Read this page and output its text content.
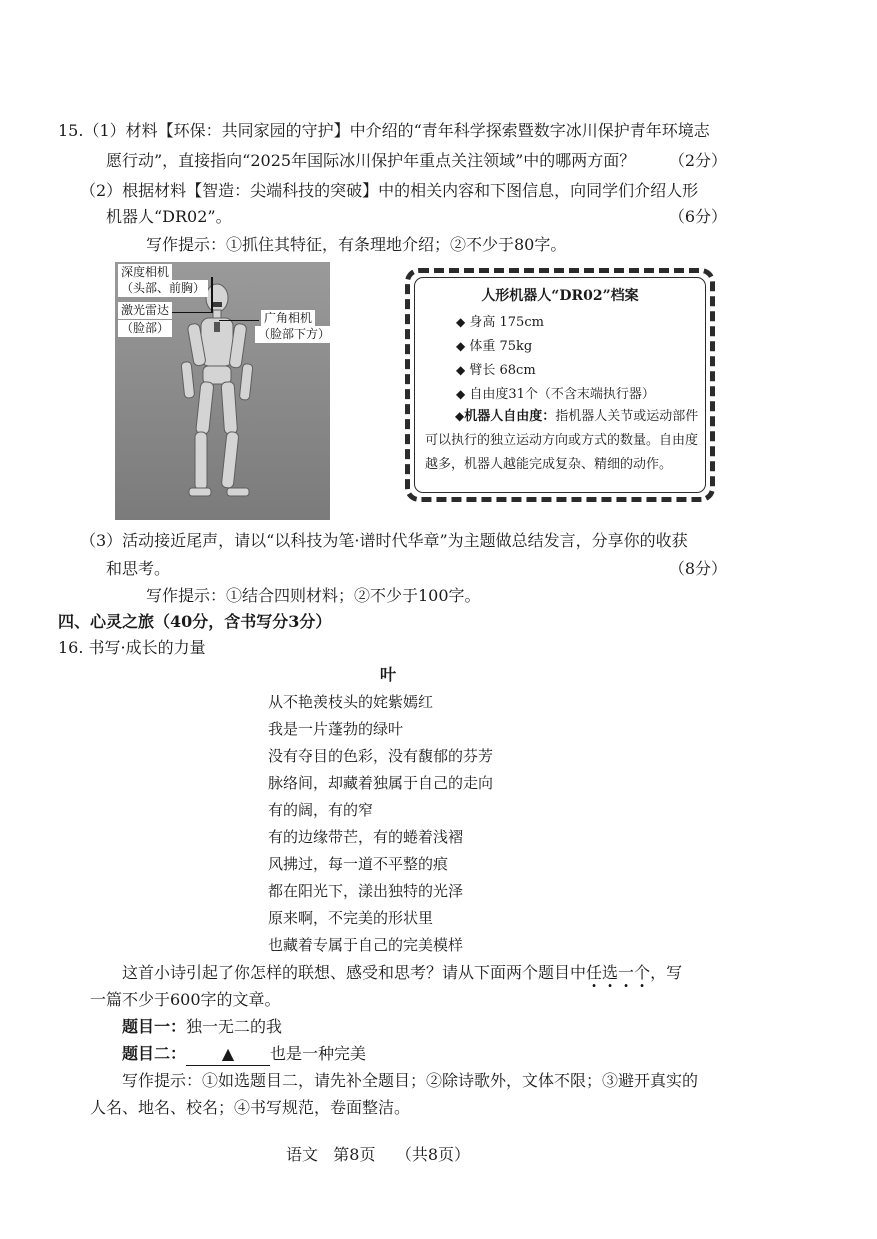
15.（1）材料【环保：共同家园的守护】中介绍的“青年科学探索暨数字冰川保护青年环境志
愿行动”，直接指向“2025年国际冰川保护年重点关注领域”中的哪两方面？ （2分）
（2）根据材料【智造：尖端科技的突破】中的相关内容和下图信息，向同学们介绍人形
机器人“DR02”。	（6分）
写作提示：①抓住其特征，有条理地介绍；②不少于80字。
深度相机
（头部、前胸）
激光雷达
（脸部）
广角相机
（脸部下方）
人形机器人“DR02”档案
◆ 身高 175cm
◆ 体重 75kg
◆ 臂长 68cm
◆ 自由度31个（不含末端执行器）
◆机器人自由度：指机器人关节或运动部件可以执行的独立运动方向或方式的数量。自由度越多，机器人越能完成复杂、精细的动作。
（3）活动接近尾声，请以“以科技为笔·谱时代华章”为主题做总结发言，分享你的收获
和思考。	（8分）
写作提示：①结合四则材料；②不少于100字。
四、心灵之旅（40分，含书写分3分）
16. 书写·成长的力量
叶
从不艳羡枝头的姹紫嫣红
我是一片蓬勃的绿叶
没有夺目的色彩，没有馥郁的芬芳
脉络间，却藏着独属于自己的走向
有的阔，有的窄
有的边缘带芒，有的蜷着浅褶
风拂过，每一道不平整的痕
都在阳光下，漾出独特的光泽
原来啊，不完美的形状里
也藏着专属于自己的完美模样
这首小诗引起了你怎样的联想、感受和思考？请从下面两个题目中任选一个，写
一篇不少于600字的文章。
题目一：独一无二的我
题目二： ▲ 也是一种完美
写作提示：①如选题目二，请先补全题目；②除诗歌外，文体不限；③避开真实的
人名、地名、校名；④书写规范，卷面整洁。
语文 第8页 （共8页）
